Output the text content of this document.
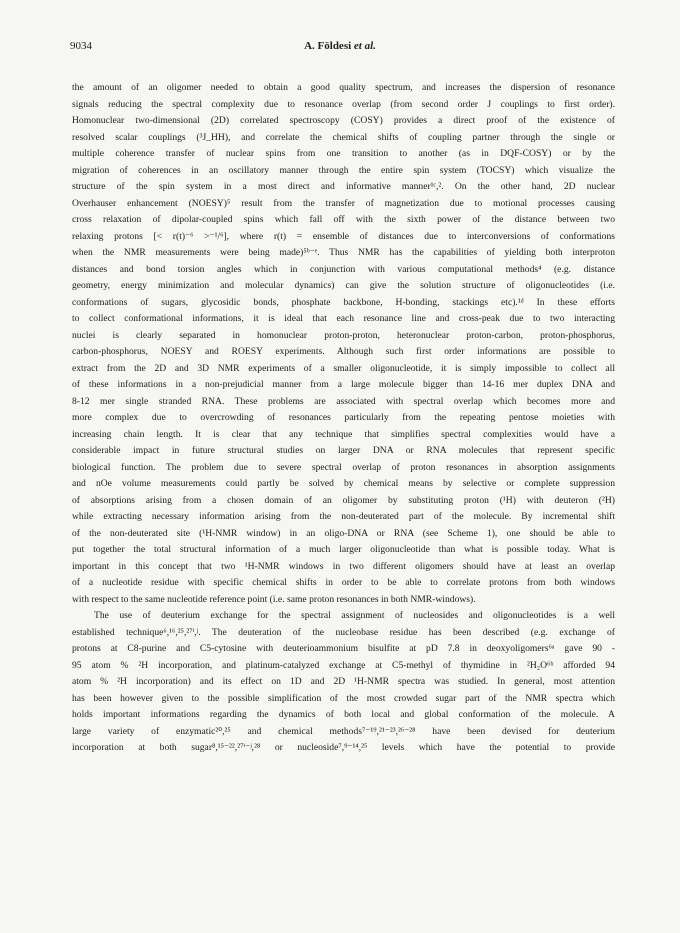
9034	A. Földesi et al.
the amount of an oligomer needed to obtain a good quality spectrum, and increases the dispersion of resonance
signals reducing the spectral complexity due to resonance overlap (from second order J couplings to first order).
Homonuclear two-dimensional (2D) correlated spectroscopy (COSY) provides a direct proof of the existence of
resolved scalar couplings (³J_HH), and correlate the chemical shifts of coupling partner through the single or
multiple coherence transfer of nuclear spins from one transition to another (as in DQF-COSY) or by the
migration of coherences in an oscillatory manner through the entire spin system (TOCSY) which visualize the
structure of the spin system in a most direct and informative manner¹ᶜ,². On the other hand, 2D nuclear
Overhauser enhancement (NOESY)⁵ result from the transfer of magnetization due to motional processes causing
cross relaxation of dipolar-coupled spins which fall off with the sixth power of the distance between two
relaxing protons [< r(t)⁻⁶ >⁻¹/⁶], where r(t) = ensemble of distances due to interconversions of conformations
when the NMR measurements were being made)⁵ᵇ⁻ᵉ. Thus NMR has the capabilities of yielding both interproton
distances and bond torsion angles which in conjunction with various computational methods⁴ (e.g. distance
geometry, energy minimization and molecular dynamics) can give the solution structure of oligonucleotides (i.e.
conformations of sugars, glycosidic bonds, phosphate backbone, H-bonding, stackings etc).¹ᵈ In these efforts
to collect conformational informations, it is ideal that each resonance line and cross-peak due to two interacting
nuclei is clearly separated in homonuclear proton-proton, heteronuclear proton-carbon, proton-phosphorus,
carbon-phosphorus, NOESY and ROESY experiments. Although such first order informations are possible to
extract from the 2D and 3D NMR experiments of a smaller oligonucleotide, it is simply impossible to collect all
of these informations in a non-prejudicial manner from a large molecule bigger than 14-16 mer duplex DNA and
8-12 mer single stranded RNA. These problems are associated with spectral overlap which becomes more and
more complex due to overcrowding of resonances particularly from the repeating pentose moieties with
increasing chain length. It is clear that any technique that simplifies spectral complexities would have a
considerable impact in future structural studies on larger DNA or RNA molecules that represent specific
biological function. The problem due to severe spectral overlap of proton resonances in absorption assignments
and nOe volume measurements could partly be solved by chemical means by selective or complete suppression
of absorptions arising from a chosen domain of an oligomer by substituting proton (¹H) with deuteron (²H)
while extracting necessary information arising from the non-deuterated part of the molecule. By incremental shift
of the non-deuterated site (¹H-NMR window) in an oligo-DNA or RNA (see Scheme 1), one should be able to
put together the total structural information of a much larger oligonucleotide than what is possible today. What is
important in this concept that two ¹H-NMR windows in two different oligomers should have at least an overlap
of a nucleotide residue with specific chemical shifts in order to be able to correlate protons from both windows
with respect to the same nucleotide reference point (i.e. same proton resonances in both NMR-windows).
The use of deuterium exchange for the spectral assignment of nucleosides and oligonucleotides is a well
established technique⁶,¹⁶,²⁵,²⁷ⁱ,ʲ. The deuteration of the nucleobase residue has been described (e.g. exchange of
protons at C8-purine and C5-cytosine with deuterioammonium bisulfite at pD 7.8 in deoxyoligomers⁶ᵃ gave 90 -
95 atom % ²H incorporation, and platinum-catalyzed exchange at C5-methyl of thymidine in ²H₂O⁶ᵇ afforded 94
atom % ²H incorporation) and its effect on 1D and 2D ¹H-NMR spectra was studied. In general, most attention
has been however given to the possible simplification of the most crowded sugar part of the NMR spectra which
holds important informations regarding the dynamics of both local and global conformation of the molecule. A
large variety of enzymatic²⁰,²⁵ and chemical methods⁷⁻¹⁹,²¹⁻²³,²⁶⁻²⁸ have been devised for deuterium
incorporation at both sugar⁸,¹⁵⁻²²,²⁷ⁱ⁻ʲ,²⁸ or nucleoside⁷,⁹⁻¹⁴,²⁵ levels which have the potential to provide
